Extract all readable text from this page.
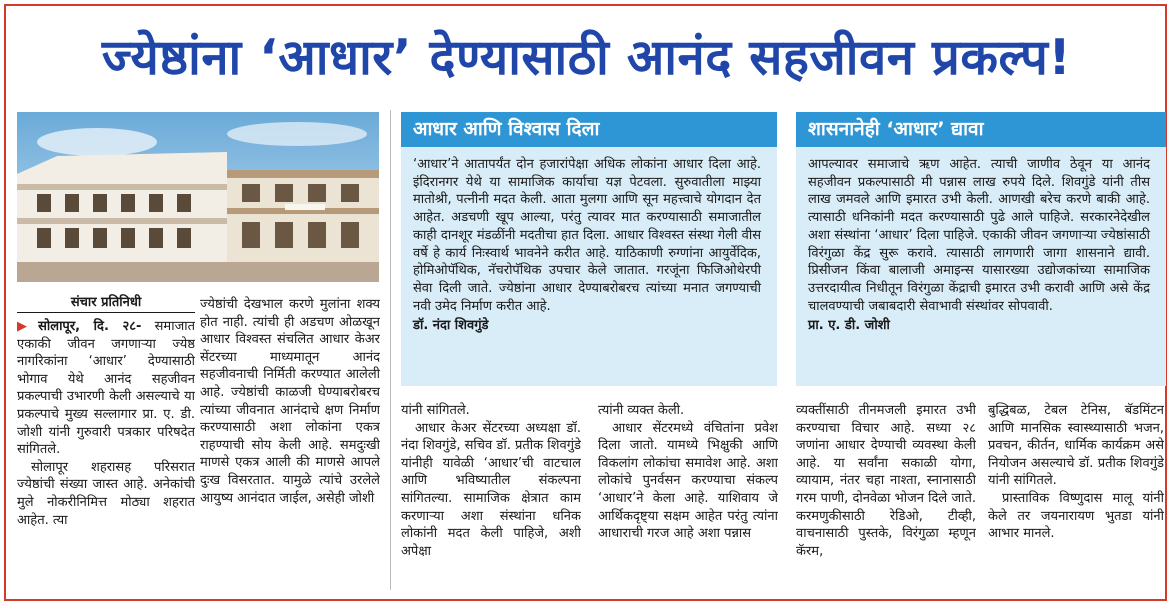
ज्येष्ठांना ‘आधार’ देण्यासाठी आनंद सहजीवन प्रकल्प!
संचार प्रतिनिधी

▶ सोलापूर, दि. २८- समाजात एकाकी जीवन जगणाऱ्या ज्येष्ठ नागरिकांना ‘आधार’ देण्यासाठी भोगाव येथे आनंद सहजीवन प्रकल्पाची उभारणी केली असल्याचे या प्रकल्पाचे मुख्य सल्लागार प्रा. ए. डी. जोशी यांनी गुरुवारी पत्रकार परिषदेत सांगितले.

सोलापूर शहरासह परिसरात ज्येष्ठांची संख्या जास्त आहे. अनेकांची मुले नोकरीनिमित्त मोठ्या शहरात आहेत. त्या

ज्येष्ठांची देखभाल करणे मुलांना शक्य होत नाही. त्यांची ही अडचण ओळखून आधार विश्वस्त संचलित आधार केअर सेंटरच्या माध्यमातून आनंद सहजीवनाची निर्मिती करण्यात आलेली आहे. ज्येष्ठांची काळजी घेण्याबरोबरच त्यांच्या जीवनात आनंदाचे क्षण निर्माण करण्यासाठी अशा लोकांना एकत्र राहण्याची सोय केली आहे. समदुःखी माणसे एकत्र आली की माणसे आपले दुःख विसरतात. यामुळे त्यांचे उरलेले आयुष्य आनंदात जाईल, असेही जोशी

आधार आणि विश्वास दिला

‘आधार’ने आतापर्यंत दोन हजारांपेक्षा अधिक लोकांना आधार दिला आहे. इंदिरानगर येथे या सामाजिक कार्याचा यज्ञ पेटवला. सुरुवातीला माझ्या मातोश्री, पत्नीनी मदत केली. आता मुलगा आणि सून महत्त्वाचे योगदान देत आहेत. अडचणी खूप आल्या, परंतु त्यावर मात करण्यासाठी समाजातील काही दानशूर मंडळींनी मदतीचा हात दिला. आधार विश्वस्त संस्था गेली वीस वर्षे हे कार्य निःस्वार्थ भावनेने करीत आहे. याठिकाणी रुग्णांना आयुर्वेदिक, होमिओपॅथिक, नॅचरोपॅथिक उपचार केले जातात. गरजूंना फिजिओथेरपी सेवा दिली जाते. ज्येष्ठांना आधार देण्याबरोबरच त्यांच्या मनात जगण्याची नवी उमेद निर्माण करीत आहे.

डॉ. नंदा शिवगुंडे

शासनानेही ‘आधार’ द्यावा

आपल्यावर समाजाचे ऋण आहेत. त्याची जाणीव ठेवून या आनंद सहजीवन प्रकल्पासाठी मी पन्नास लाख रुपये दिले. शिवगुंडे यांनी तीस लाख जमवले आणि इमारत उभी केली. आणखी बरेच करणे बाकी आहे. त्यासाठी धनिकांनी मदत करण्यासाठी पुढे आले पाहिजे. सरकारनेदेखील अशा संस्थांना ‘आधार’ दिला पाहिजे. एकाकी जीवन जगणाऱ्या ज्येष्ठांसाठी विरंगुळा केंद्र सुरू करावे. त्यासाठी लागणारी जागा शासनाने द्यावी. प्रिसीजन किंवा बालाजी अमाइन्स यासारख्या उद्योजकांच्या सामाजिक उत्तरदायीत्व निधीतून विरंगुळा केंद्राची इमारत उभी करावी आणि असे केंद्र चालवण्याची जबाबदारी सेवाभावी संस्थांवर सोपवावी.

प्रा. ए. डी. जोशी

यांनी सांगितले.

आधार केअर सेंटरच्या अध्यक्षा डॉ. नंदा शिवगुंडे, सचिव डॉ. प्रतीक शिवगुंडे यांनीही यावेळी ‘आधार’ची वाटचाल आणि भविष्यातील संकल्पना सांगितल्या. सामाजिक क्षेत्रात काम करणाऱ्या अशा संस्थांना धनिक लोकांनी मदत केली पाहिजे, अशी अपेक्षा

त्यांनी व्यक्त केली.

आधार सेंटरमध्ये वंचितांना प्रवेश दिला जातो. यामध्ये भिक्षुकी आणि विकलांग लोकांचा समावेश आहे. अशा लोकांचे पुनर्वसन करण्याचा संकल्प ‘आधार’ने केला आहे. याशिवाय जे आर्थिकदृष्ट्या सक्षम आहेत परंतु त्यांना आधाराची गरज आहे अशा पन्नास

व्यक्तींसाठी तीनमजली इमारत उभी करण्याचा विचार आहे. सध्या २८ जणांना आधार देण्याची व्यवस्था केली आहे. या सर्वांना सकाळी योगा, व्यायाम, नंतर चहा नाश्ता, स्नानासाठी गरम पाणी, दोनवेळा भोजन दिले जाते. करमणुकीसाठी रेडिओ, टीव्ही, वाचनासाठी पुस्तके, विरंगुळा म्हणून कॅरम,

बुद्धिबळ, टेबल टेनिस, बॅडमिंटन आणि मानसिक स्वास्थ्यासाठी भजन, प्रवचन, कीर्तन, धार्मिक कार्यक्रम असे नियोजन असल्याचे डॉ. प्रतीक शिवगुंडे यांनी सांगितले.

प्रास्ताविक विष्णुदास मालू यांनी केले तर जयनारायण भुतडा यांनी आभार मानले.
